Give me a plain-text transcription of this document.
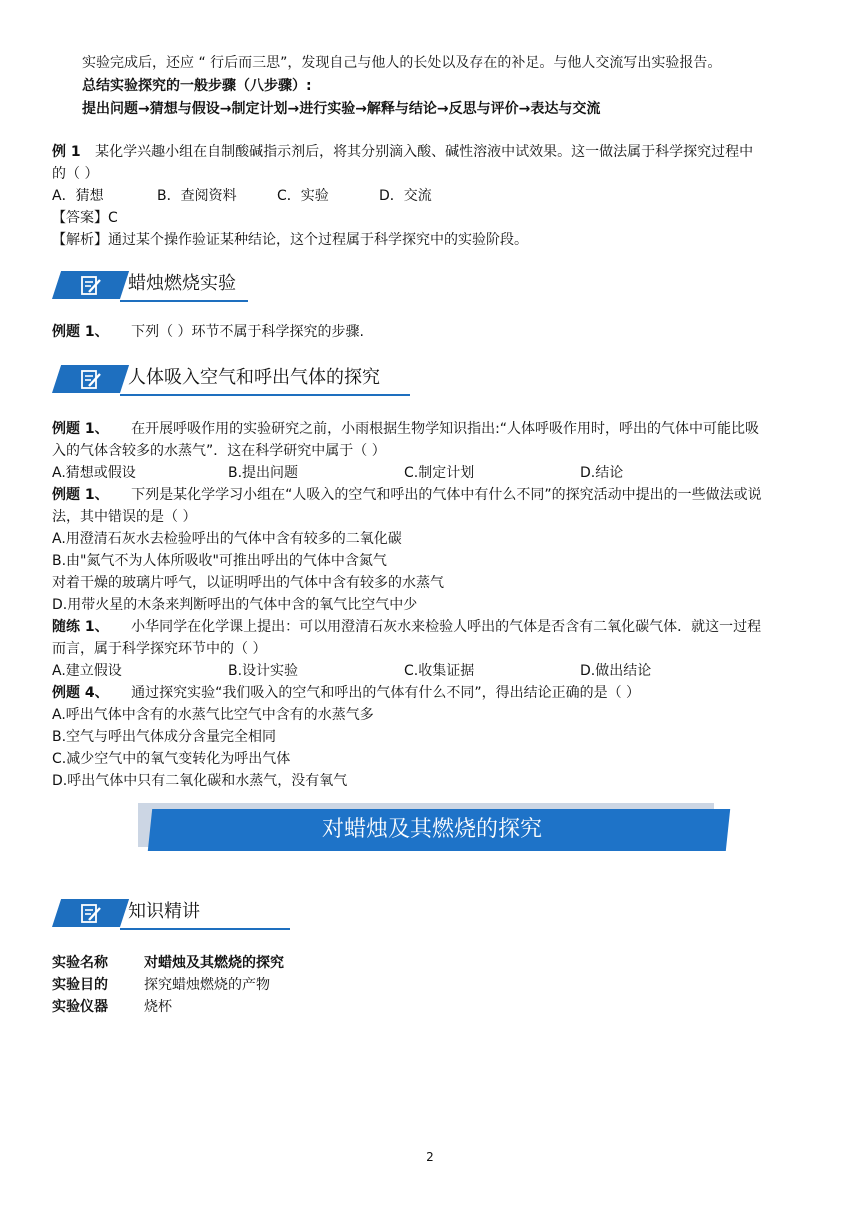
实验完成后，还应 “ 行后而三思”，发现自己与他人的长处以及存在的补足。与他人交流写出实验报告。
总结实验探究的一般步骤（八步骤）:
提出问题→猜想与假设→制定计划→进行实验→解释与结论→反思与评价→表达与交流
例 1 某化学兴趣小组在自制酸碱指示剂后，将其分别滴入酸、碱性溶液中试效果。这一做法属于科学探究过程中
的（ ）
A．猜想	B．查阅资料	C．实验	D．交流
【答案】C
【解析】通过某个操作验证某种结论，这个过程属于科学探究中的实验阶段。
蜡烛燃烧实验
例题 1、 下列（ ）环节不属于科学探究的步骤.
人体吸入空气和呼出气体的探究
例题 1、 在开展呼吸作用的实验研究之前，小雨根据生物学知识指出:“人体呼吸作用时，呼出的气体中可能比吸
入的气体含较多的水蒸气”．这在科学研究中属于（ ）
A.猜想或假设	B.提出问题	C.制定计划	D.结论
例题 1、 下列是某化学学习小组在“人吸入的空气和呼出的气体中有什么不同”的探究活动中提出的一些做法或说
法，其中错误的是（ ）
A.用澄清石灰水去检验呼出的气体中含有较多的二氧化碳
B.由"氮气不为人体所吸收"可推出呼出的气体中含氮气
对着干燥的玻璃片呼气，以证明呼出的气体中含有较多的水蒸气
D.用带火星的木条来判断呼出的气体中含的氧气比空气中少
随练 1、 小华同学在化学课上提出：可以用澄清石灰水来检验人呼出的气体是否含有二氧化碳气体．就这一过程
而言，属于科学探究环节中的（ ）
A.建立假设	B.设计实验	C.收集证据	D.做出结论
例题 4、 通过探究实验“我们吸入的空气和呼出的气体有什么不同”，得出结论正确的是（ ）
A.呼出气体中含有的水蒸气比空气中含有的水蒸气多
B.空气与呼出气体成分含量完全相同
C.减少空气中的氧气变转化为呼出气体
D.呼出气体中只有二氧化碳和水蒸气，没有氧气
对蜡烛及其燃烧的探究
知识精讲
实验名称	对蜡烛及其燃烧的探究
实验目的	探究蜡烛燃烧的产物
实验仪器	烧杯
2
